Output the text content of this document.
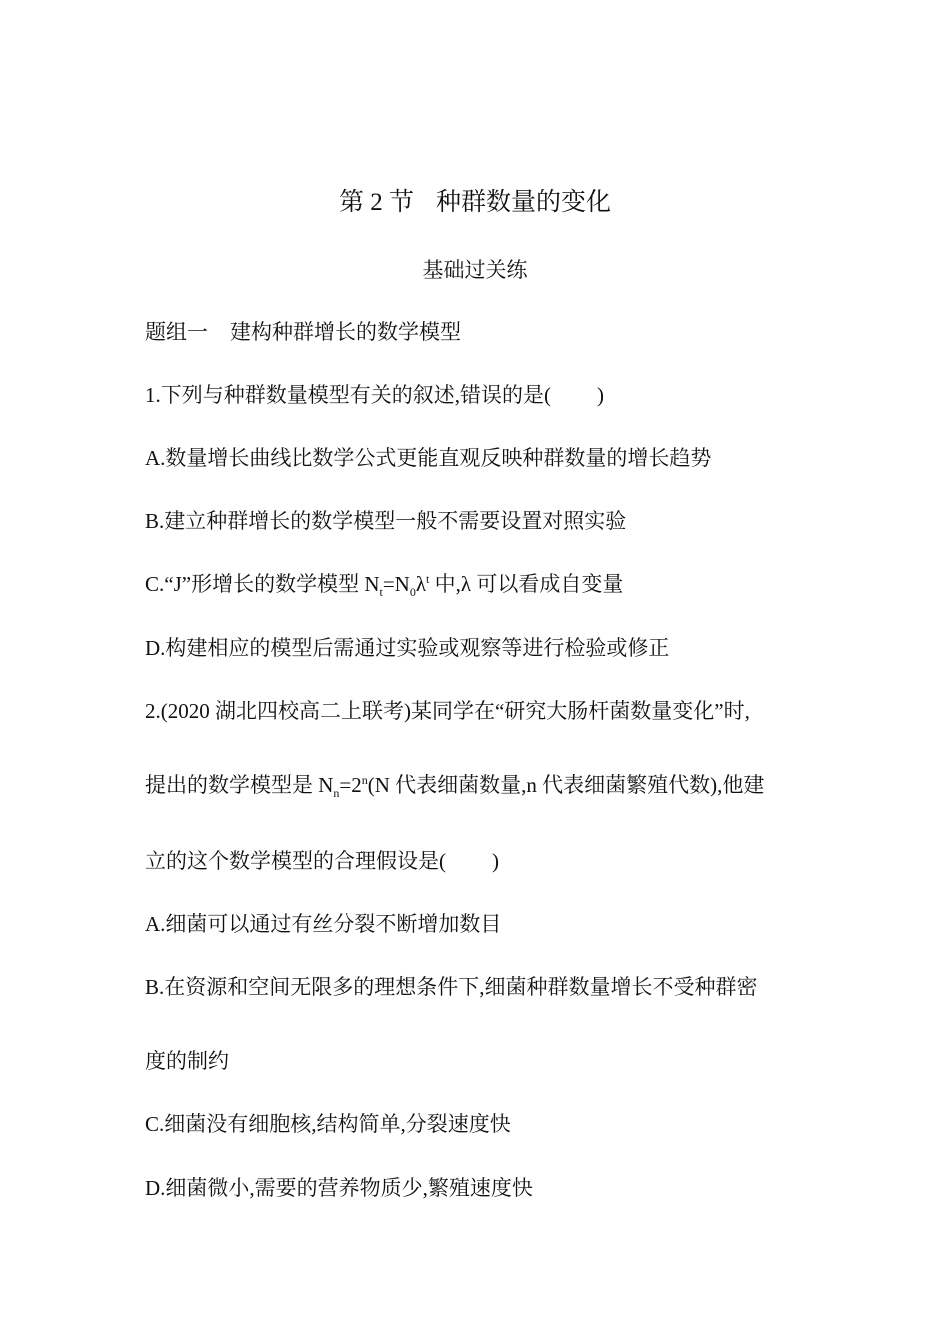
第 2 节 种群数量的变化
基础过关练
题组一 建构种群增长的数学模型
1.下列与种群数量模型有关的叙述,错误的是( )
A.数量增长曲线比数学公式更能直观反映种群数量的增长趋势
B.建立种群增长的数学模型一般不需要设置对照实验
C.“J”形增长的数学模型 $N_t=N_0\lambda^t$ 中,λ 可以看成自变量
D.构建相应的模型后需通过实验或观察等进行检验或修正
2.(2020 湖北四校高二上联考)某同学在“研究大肠杆菌数量变化”时,
提出的数学模型是 $N_n=2^n(N$ 代表细菌数量,n 代表细菌繁殖代数),他建
立的这个数学模型的合理假设是( )
A.细菌可以通过有丝分裂不断增加数目
B.在资源和空间无限多的理想条件下,细菌种群数量增长不受种群密
度的制约
C.细菌没有细胞核,结构简单,分裂速度快
D.细菌微小,需要的营养物质少,繁殖速度快
